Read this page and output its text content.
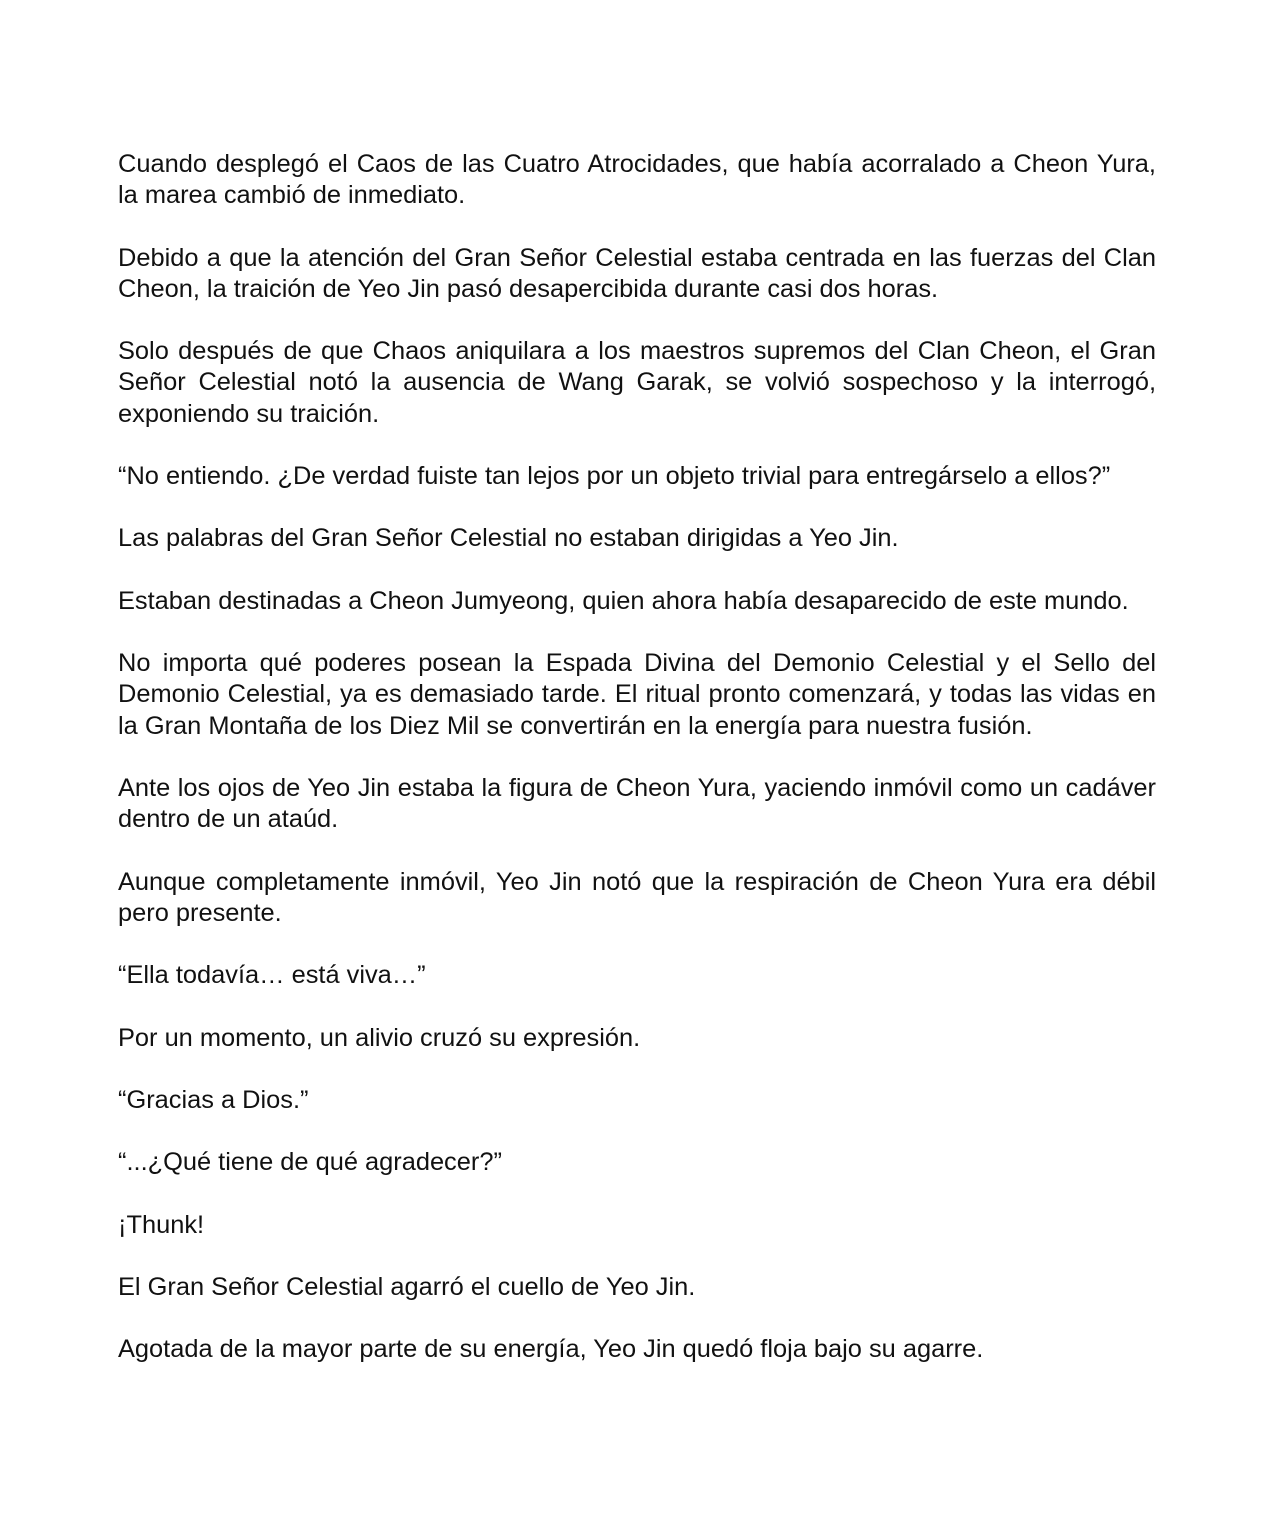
Cuando desplegó el Caos de las Cuatro Atrocidades, que había acorralado a Cheon Yura, la marea cambió de inmediato.

Debido a que la atención del Gran Señor Celestial estaba centrada en las fuerzas del Clan Cheon, la traición de Yeo Jin pasó desapercibida durante casi dos horas.

Solo después de que Chaos aniquilara a los maestros supremos del Clan Cheon, el Gran Señor Celestial notó la ausencia de Wang Garak, se volvió sospechoso y la interrogó, exponiendo su traición.

“No entiendo. ¿De verdad fuiste tan lejos por un objeto trivial para entregárselo a ellos?”

Las palabras del Gran Señor Celestial no estaban dirigidas a Yeo Jin.

Estaban destinadas a Cheon Jumyeong, quien ahora había desaparecido de este mundo.

No importa qué poderes posean la Espada Divina del Demonio Celestial y el Sello del Demonio Celestial, ya es demasiado tarde. El ritual pronto comenzará, y todas las vidas en la Gran Montaña de los Diez Mil se convertirán en la energía para nuestra fusión.

Ante los ojos de Yeo Jin estaba la figura de Cheon Yura, yaciendo inmóvil como un cadáver dentro de un ataúd.

Aunque completamente inmóvil, Yeo Jin notó que la respiración de Cheon Yura era débil pero presente.

“Ella todavía… está viva…”

Por un momento, un alivio cruzó su expresión.

“Gracias a Dios.”

“...¿Qué tiene de qué agradecer?”

¡Thunk!

El Gran Señor Celestial agarró el cuello de Yeo Jin.

Agotada de la mayor parte de su energía, Yeo Jin quedó floja bajo su agarre.
